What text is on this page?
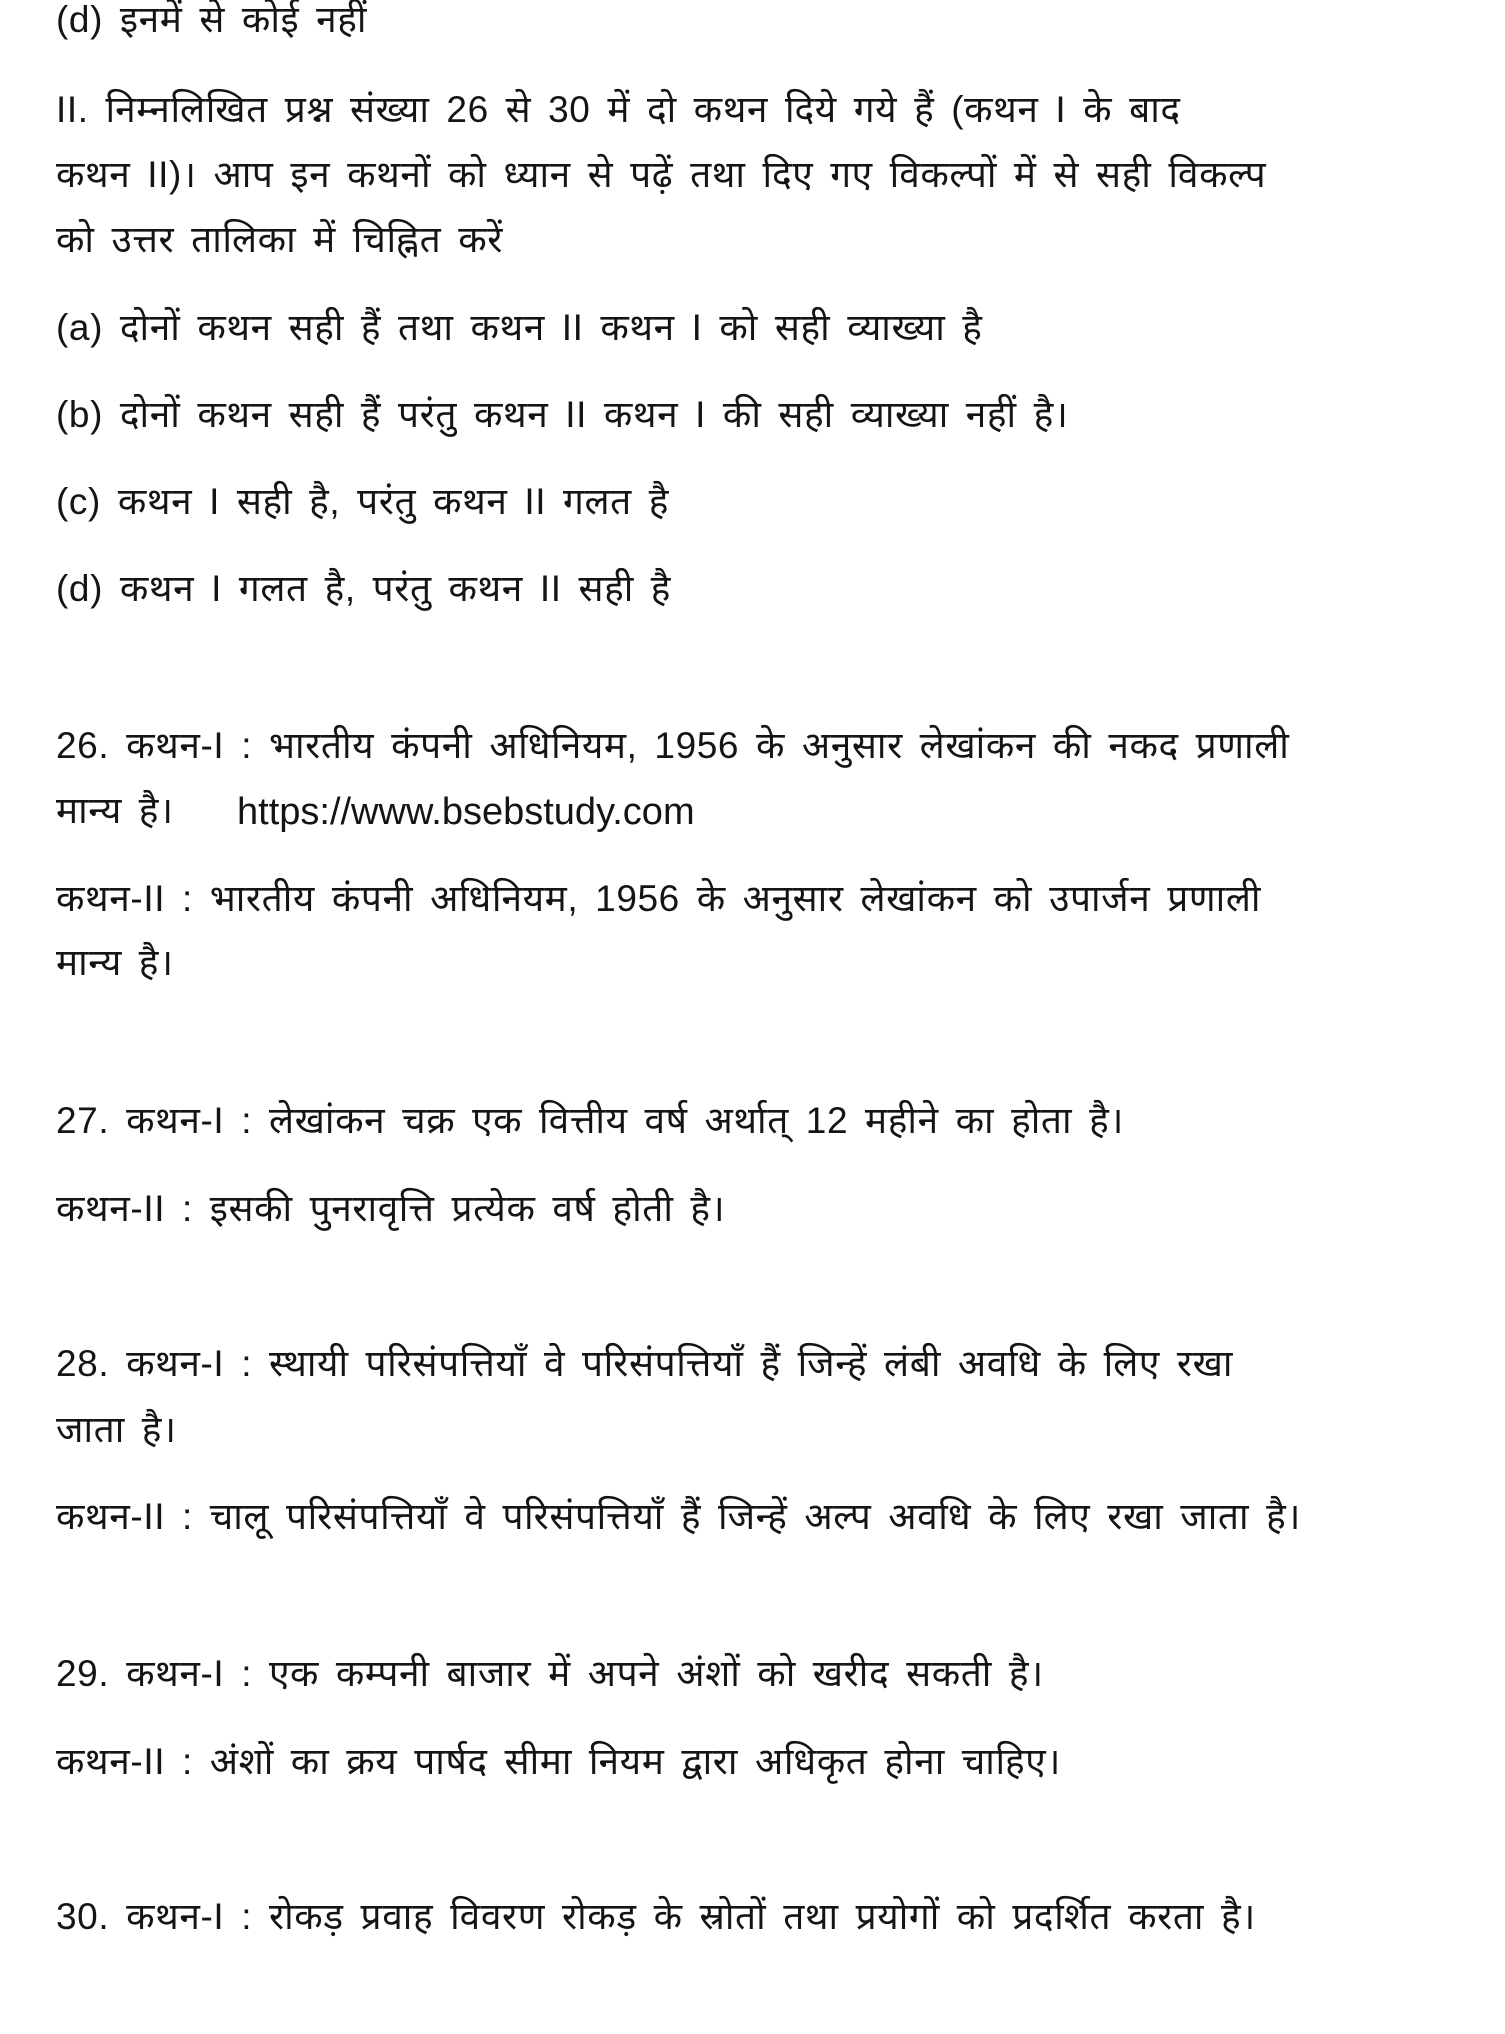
(d) इनमें से कोई नहीं
II. निम्नलिखित प्रश्न संख्या 26 से 30 में दो कथन दिये गये हैं (कथन I के बाद
कथन II)। आप इन कथनों को ध्यान से पढ़ें तथा दिए गए विकल्पों में से सही विकल्प
को उत्तर तालिका में चिह्नित करें
(a) दोनों कथन सही हैं तथा कथन II कथन I को सही व्याख्या है
(b) दोनों कथन सही हैं परंतु कथन II कथन I की सही व्याख्या नहीं है।
(c) कथन I सही है, परंतु कथन II गलत है
(d) कथन I गलत है, परंतु कथन II सही है
26. कथन-I : भारतीय कंपनी अधिनियम, 1956 के अनुसार लेखांकन की नकद प्रणाली
मान्य है। https://www.bsebstudy.com
कथन-II : भारतीय कंपनी अधिनियम, 1956 के अनुसार लेखांकन को उपार्जन प्रणाली
मान्य है।
27. कथन-I : लेखांकन चक्र एक वित्तीय वर्ष अर्थात् 12 महीने का होता है।
कथन-II : इसकी पुनरावृत्ति प्रत्येक वर्ष होती है।
28. कथन-I : स्थायी परिसंपत्तियाँ वे परिसंपत्तियाँ हैं जिन्हें लंबी अवधि के लिए रखा
जाता है।
कथन-II : चालू परिसंपत्तियाँ वे परिसंपत्तियाँ हैं जिन्हें अल्प अवधि के लिए रखा जाता है।
29. कथन-I : एक कम्पनी बाजार में अपने अंशों को खरीद सकती है।
कथन-II : अंशों का क्रय पार्षद सीमा नियम द्वारा अधिकृत होना चाहिए।
30. कथन-I : रोकड़ प्रवाह विवरण रोकड़ के स्रोतों तथा प्रयोगों को प्रदर्शित करता है।
